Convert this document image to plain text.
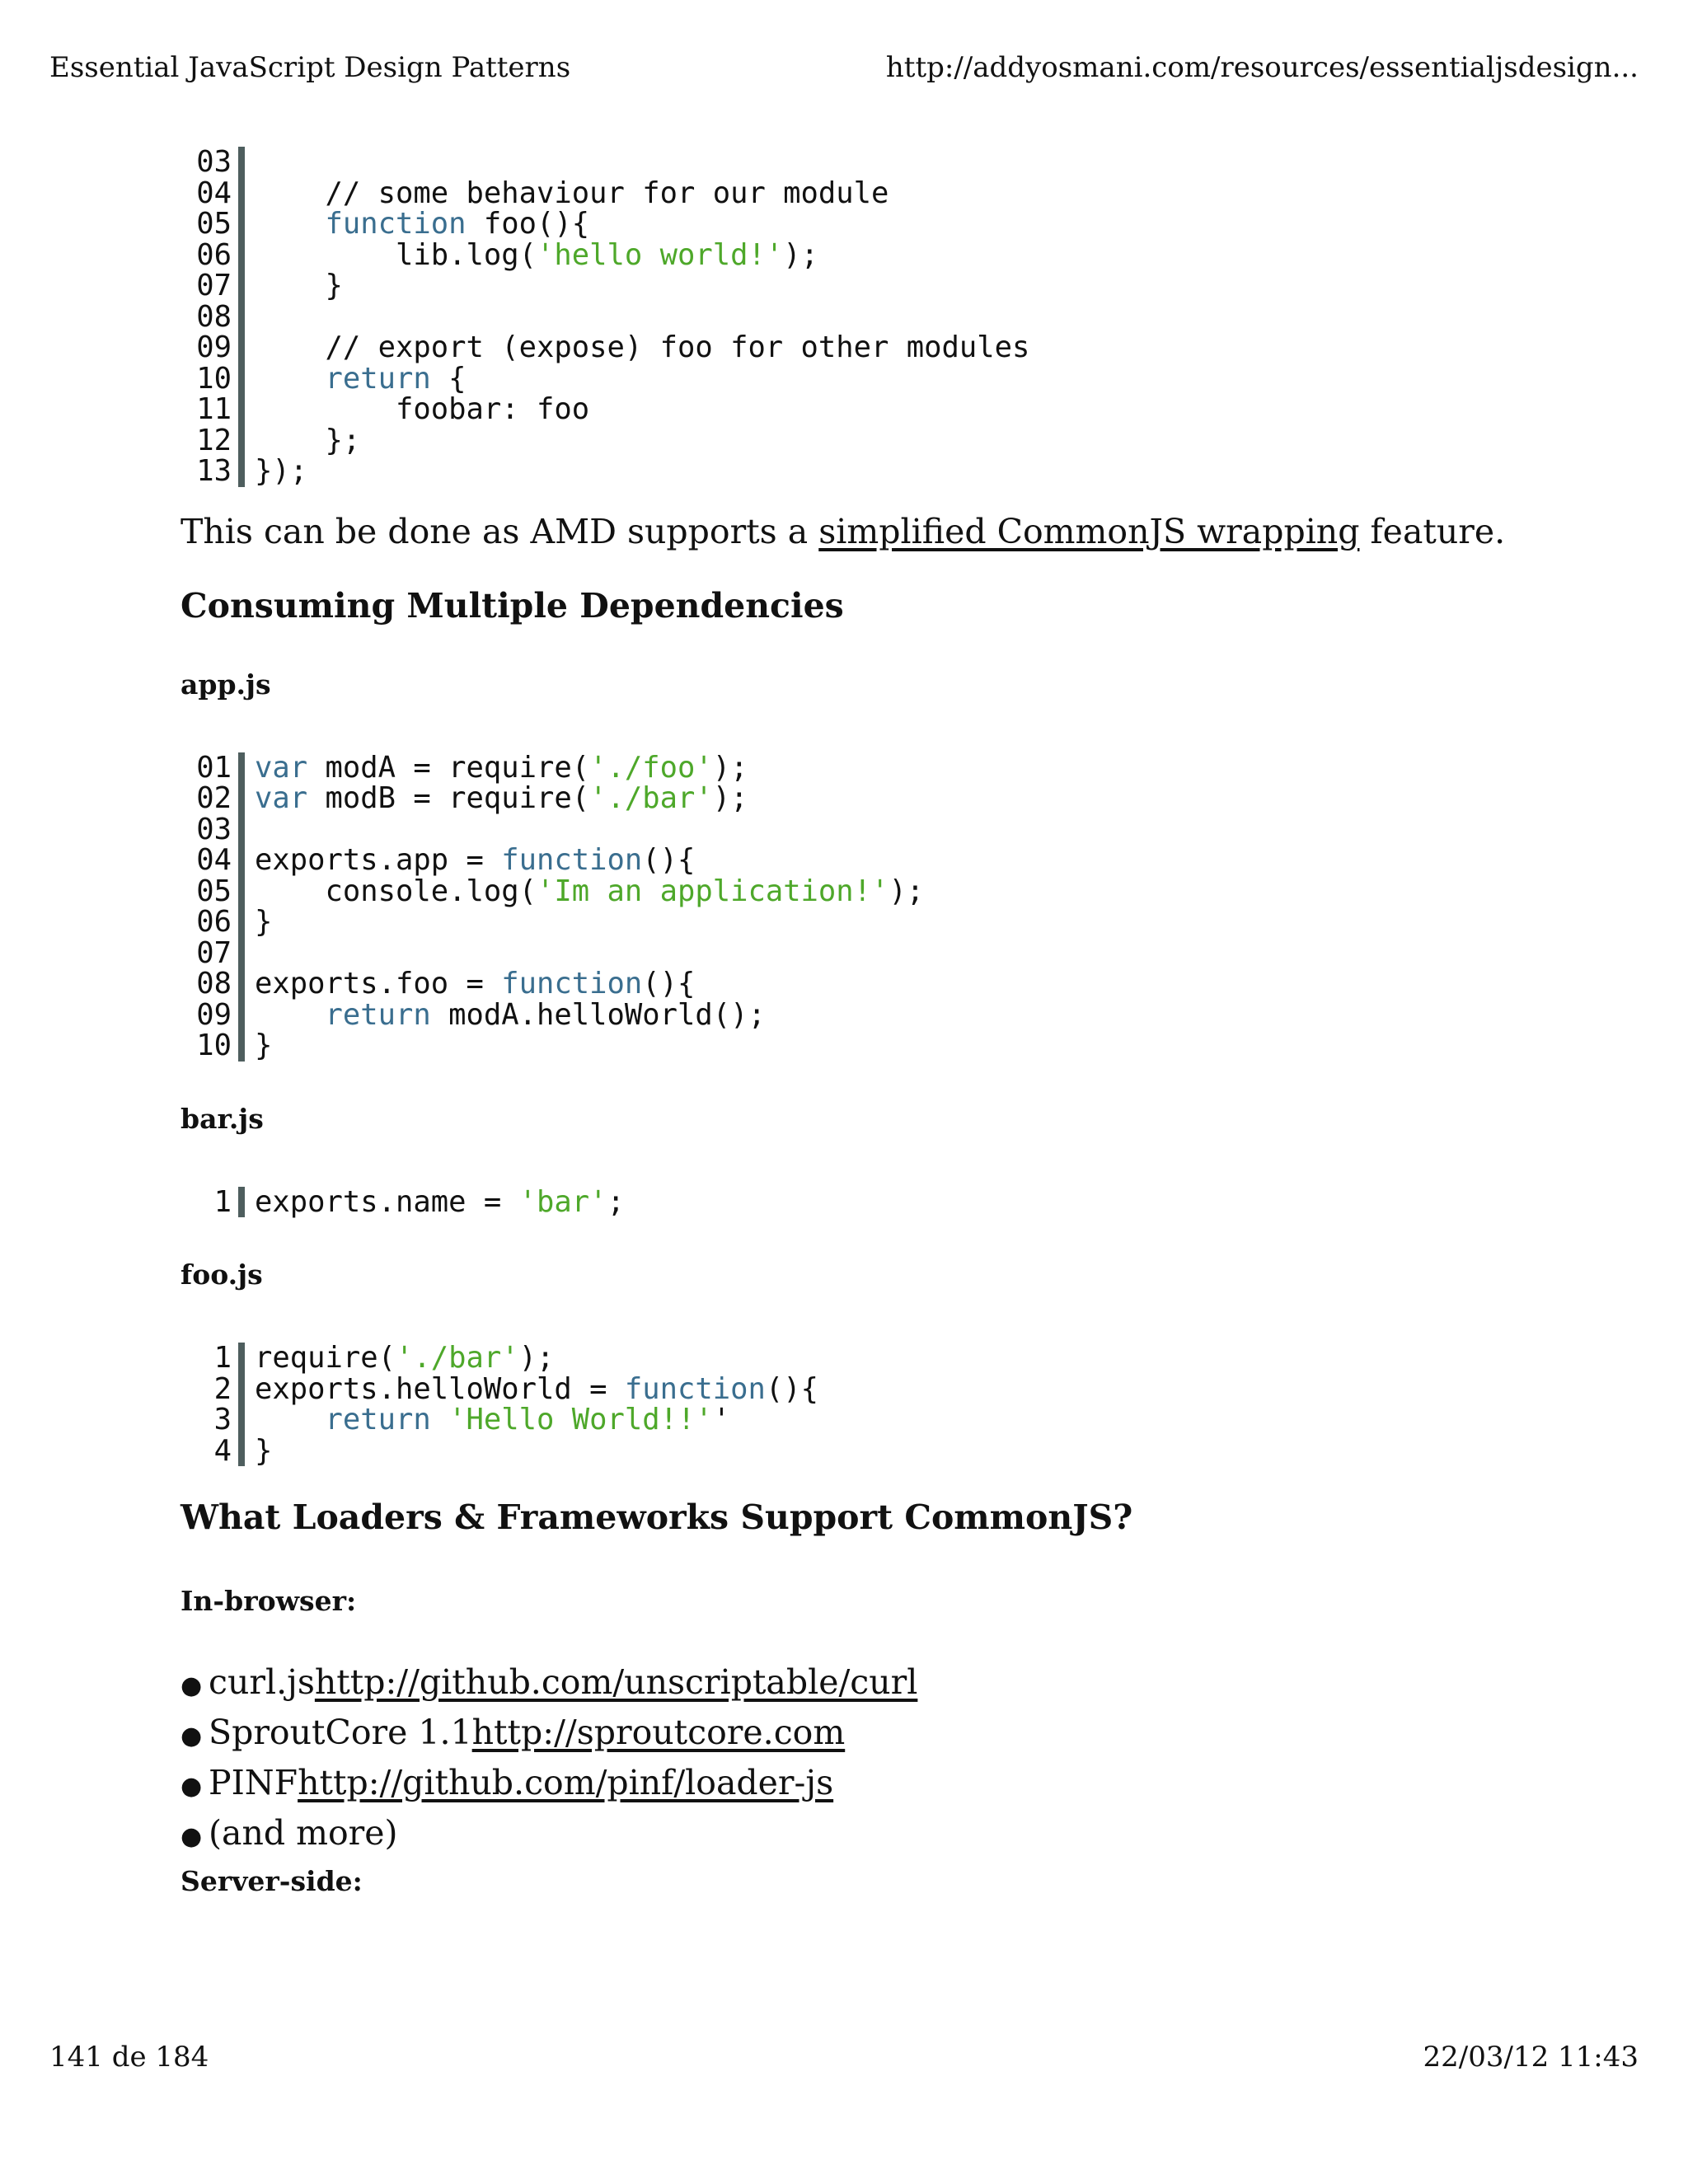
Essential JavaScript Design Patterns	http://addyosmani.com/resources/essentialjsdesign...
03

04 // some behaviour for our module
05	function foo(){
06 lib.log('hello world!');
07 }
08

09 // export (expose) foo for other modules
10	return {
11 foobar: foo
12 };
13 });

This can be done as AMD supports a simplified CommonJS wrapping feature.

Consuming Multiple Dependencies
app.js
01 var modA = require('./foo');
02 var modB = require('./bar');
03

04 exports.app = function(){
05 console.log('Im an application!');
06 }
07

08 exports.foo = function(){
09	return modA.helloWorld();
10 }
bar.js
1 exports.name = 'bar';
foo.js
1 require('./bar');
2 exports.helloWorld = function(){
3	return 'Hello World!!''
4 }
What Loaders & Frameworks Support CommonJS?
In-browser:
● curl.js http://github.com/unscriptable/curl
● SproutCore 1.1 http://sproutcore.com
● PINF http://github.com/pinf/loader-js
● (and more)
Server-side:
141 de 184	22/03/12 11:43
